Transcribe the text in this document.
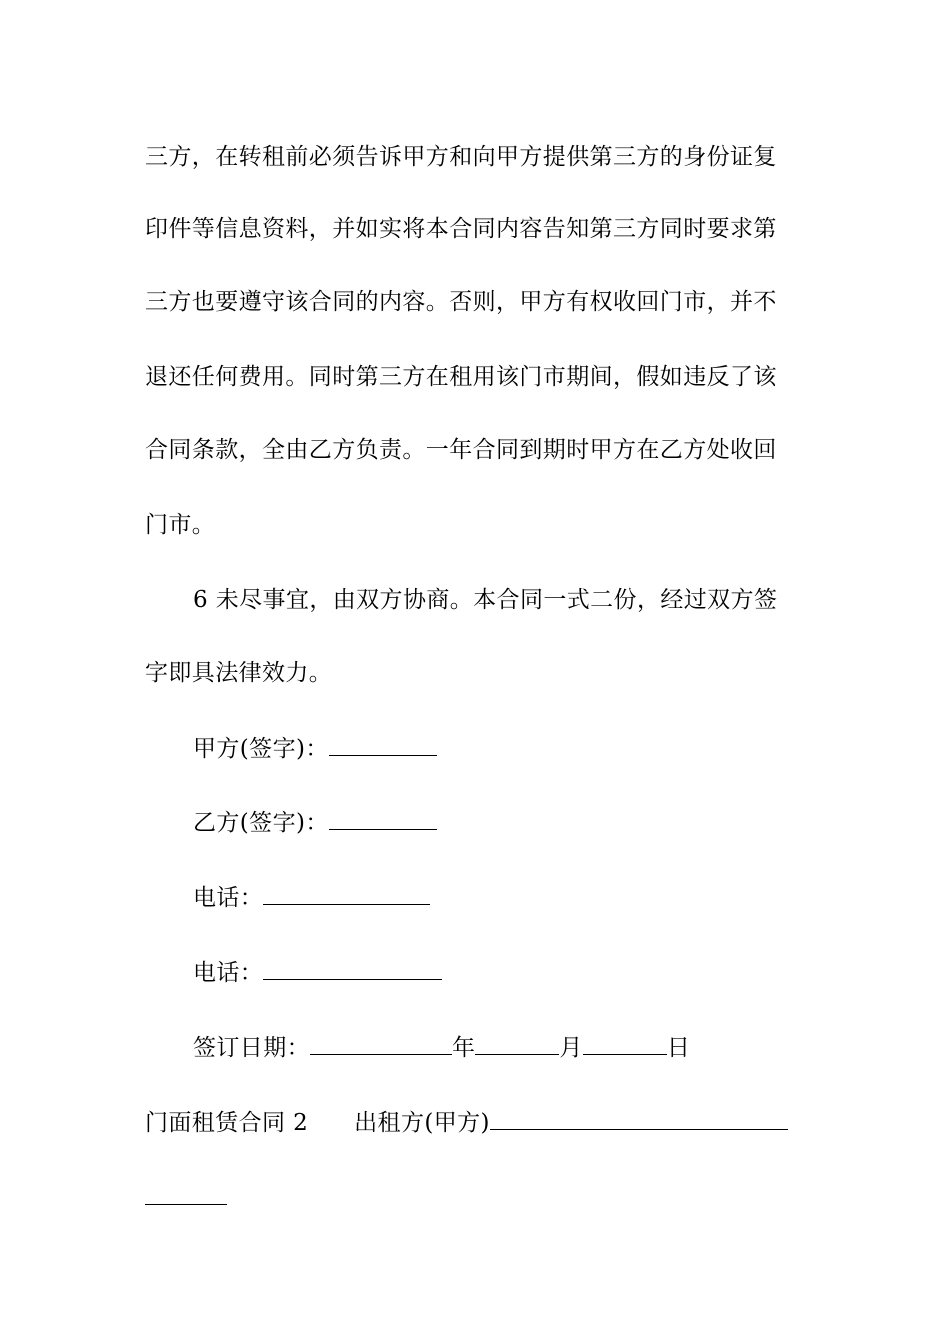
三方，在转租前必须告诉甲方和向甲方提供第三方的身份证复
印件等信息资料，并如实将本合同内容告知第三方同时要求第
三方也要遵守该合同的内容。否则，甲方有权收回门市，并不
退还任何费用。同时第三方在租用该门市期间，假如违反了该
合同条款，全由乙方负责。一年合同到期时甲方在乙方处收回
门市。
6 未尽事宜，由双方协商。本合同一式二份，经过双方签
字即具法律效力。
甲方(签字)：
乙方(签字)：
电话：
电话：
签订日期：	年	月	日
门面租赁合同 2 出租方(甲方)
